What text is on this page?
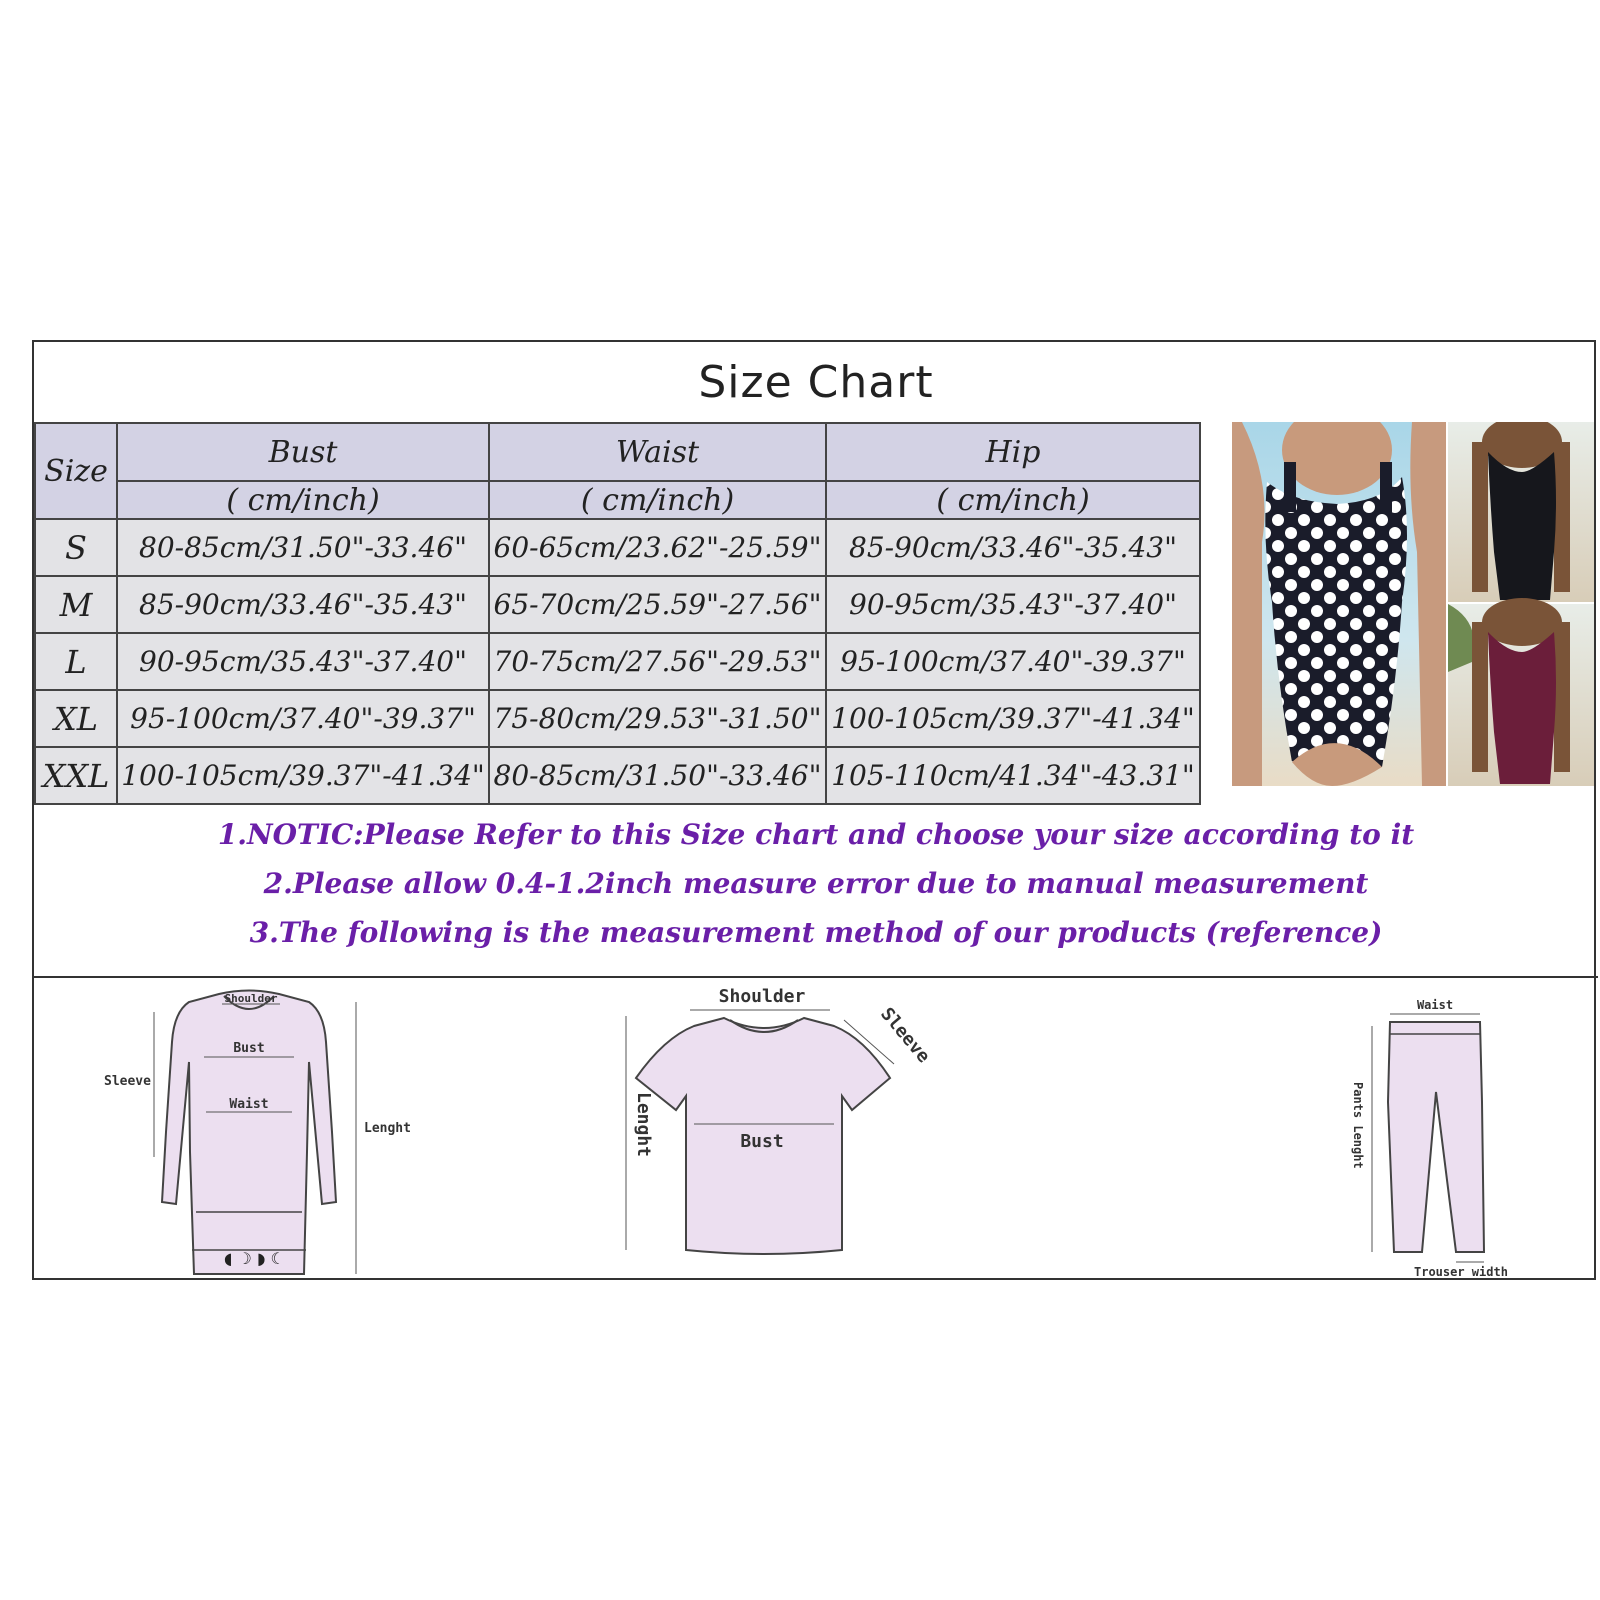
Size Chart
Size	Bust	Waist	Hip
	( cm/inch)	( cm/inch)	( cm/inch)
S	80-85cm/31.50"-33.46"	60-65cm/23.62"-25.59"	85-90cm/33.46"-35.43"
M	85-90cm/33.46"-35.43"	65-70cm/25.59"-27.56"	90-95cm/35.43"-37.40"
L	90-95cm/35.43"-37.40"	70-75cm/27.56"-29.53"	95-100cm/37.40"-39.37"
XL	95-100cm/37.40"-39.37"	75-80cm/29.53"-31.50"	100-105cm/39.37"-41.34"
XXL	100-105cm/39.37"-41.34"	80-85cm/31.50"-33.46"	105-110cm/41.34"-43.31"
1.NOTIC:Please Refer to this Size chart and choose your size according to it
2.Please allow 0.4-1.2inch measure error due to manual measurement
3.The following is the measurement method of our products (reference)
◖ ☽ ◗ ☾
Shoulder
Bust
Waist
Sleeve
Lenght
Shoulder
Bust
Sleeve
Lenght
Waist
Pants Lenght
Trouser width
